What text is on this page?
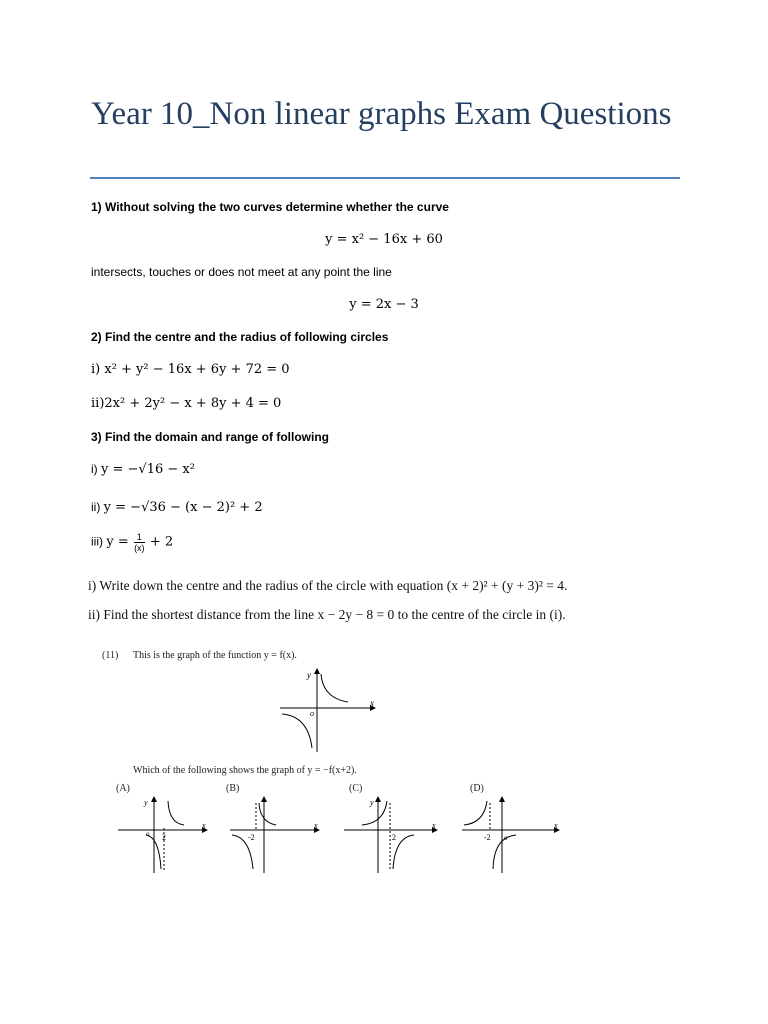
Year 10_Non linear graphs Exam Questions
1) Without solving the two curves determine whether the curve
y = x² − 16x + 60
intersects, touches or does not meet at any point the line
y = 2x − 3
2) Find the centre and the radius of following circles
i) x² + y² − 16x + 6y + 72 = 0
ii)2x² + 2y² − x + 8y + 4 = 0
3) Find the domain and range of following
i) y = −√16 − x²
ii) y = −√36 − (x − 2)² + 2
iii) $y = \frac{1}{(x)} + 2$
i) Write down the centre and the radius of the circle with equation (x + 2)² + (y + 3)² = 4.
ii) Find the shortest distance from the line x − 2y − 8 = 0 to the centre of the circle in (i).
(11) This is the graph of the function y = f(x).
x
y
o
Which of the following shows the graph of y = −f(x+2).
(A)
2
o
x
y
(B)
-2
x
(C)
2
y
x
(D)
-2 o
x
